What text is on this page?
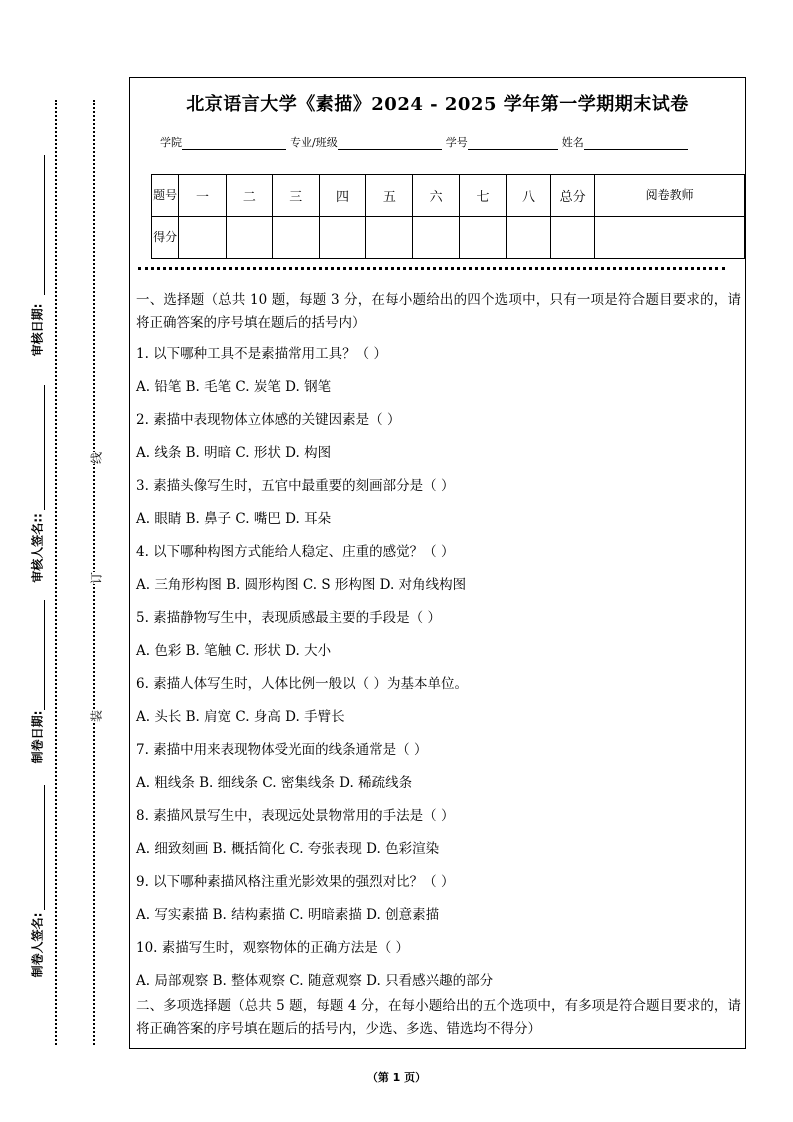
审核日期:
审核人签名::
制卷日期:
制卷人签名:
线
订
装
北京语言大学《素描》2024 - 2025 学年第一学期期末试卷
学院	专业/班级	学号	姓名
题号	一	二	三	四	五	六	七	八	总分	阅卷教师
得分										
一、选择题（总共 10 题，每题 3 分，在每小题给出的四个选项中，只有一项是符合题目要求的，请将正确答案的序号填在题后的括号内）
1. 以下哪种工具不是素描常用工具？（ ）
A. 铅笔 B. 毛笔 C. 炭笔 D. 钢笔
2. 素描中表现物体立体感的关键因素是（ ）
A. 线条 B. 明暗 C. 形状 D. 构图
3. 素描头像写生时，五官中最重要的刻画部分是（ ）
A. 眼睛 B. 鼻子 C. 嘴巴 D. 耳朵
4. 以下哪种构图方式能给人稳定、庄重的感觉？（ ）
A. 三角形构图 B. 圆形构图 C. S 形构图 D. 对角线构图
5. 素描静物写生中，表现质感最主要的手段是（ ）
A. 色彩 B. 笔触 C. 形状 D. 大小
6. 素描人体写生时，人体比例一般以（ ）为基本单位。
A. 头长 B. 肩宽 C. 身高 D. 手臂长
7. 素描中用来表现物体受光面的线条通常是（ ）
A. 粗线条 B. 细线条 C. 密集线条 D. 稀疏线条
8. 素描风景写生中，表现远处景物常用的手法是（ ）
A. 细致刻画 B. 概括简化 C. 夸张表现 D. 色彩渲染
9. 以下哪种素描风格注重光影效果的强烈对比？（ ）
A. 写实素描 B. 结构素描 C. 明暗素描 D. 创意素描
10. 素描写生时，观察物体的正确方法是（ ）
A. 局部观察 B. 整体观察 C. 随意观察 D. 只看感兴趣的部分
二、多项选择题（总共 5 题，每题 4 分，在每小题给出的五个选项中，有多项是符合题目要求的，请将正确答案的序号填在题后的括号内，少选、多选、错选均不得分）
（第 1 页）
